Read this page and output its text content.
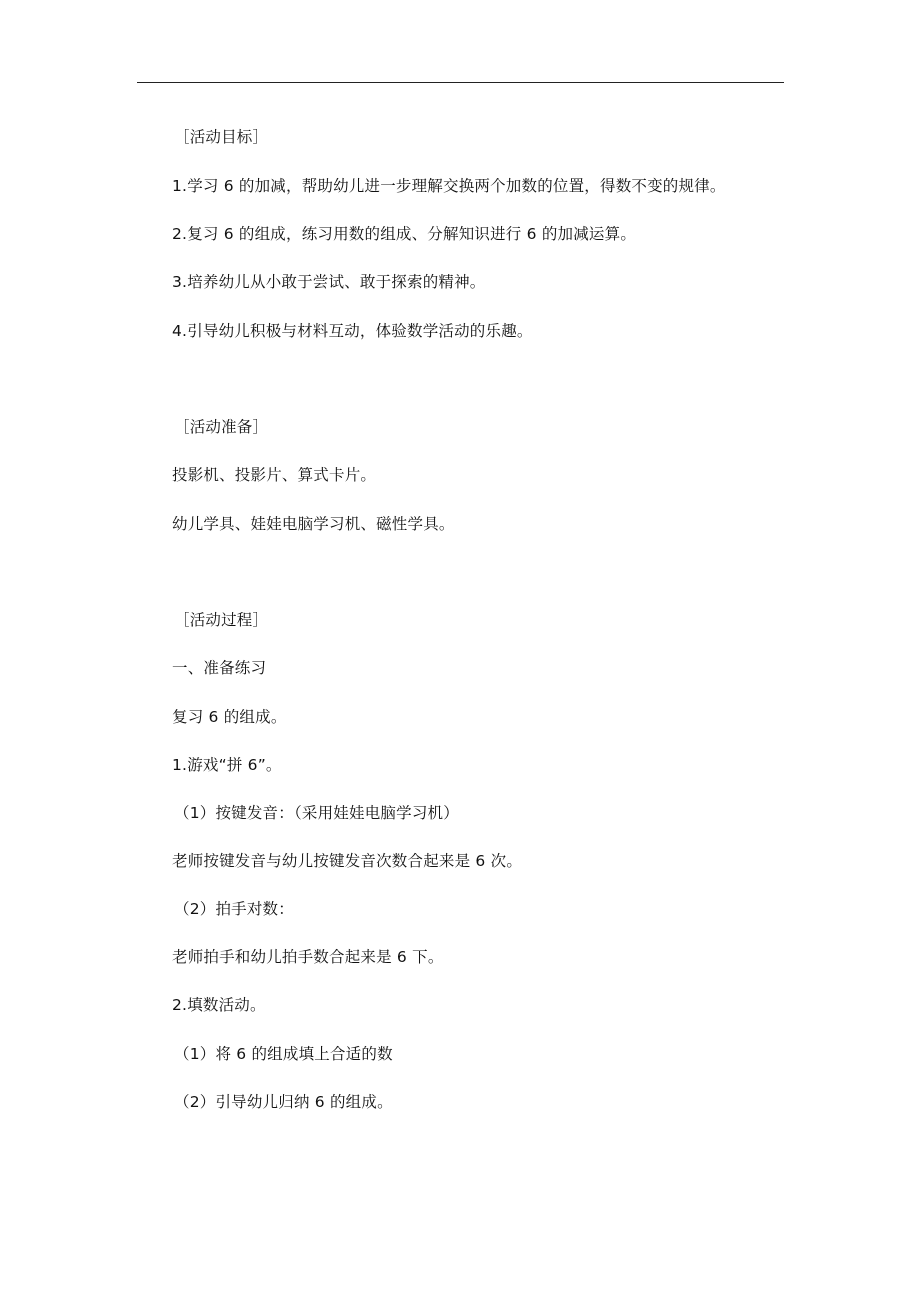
［活动目标］
1.学习 6 的加减，帮助幼儿进一步理解交换两个加数的位置，得数不变的规律。
2.复习 6 的组成，练习用数的组成、分解知识进行 6 的加减运算。
3.培养幼儿从小敢于尝试、敢于探索的精神。
4.引导幼儿积极与材料互动，体验数学活动的乐趣。
［活动准备］
投影机、投影片、算式卡片。
幼儿学具、娃娃电脑学习机、磁性学具。
［活动过程］
一、准备练习
复习 6 的组成。
1.游戏“拼 6”。
（1）按键发音：（采用娃娃电脑学习机）
老师按键发音与幼儿按键发音次数合起来是 6 次。
（2）拍手对数：
老师拍手和幼儿拍手数合起来是 6 下。
2.填数活动。
（1）将 6 的组成填上合适的数
（2）引导幼儿归纳 6 的组成。
